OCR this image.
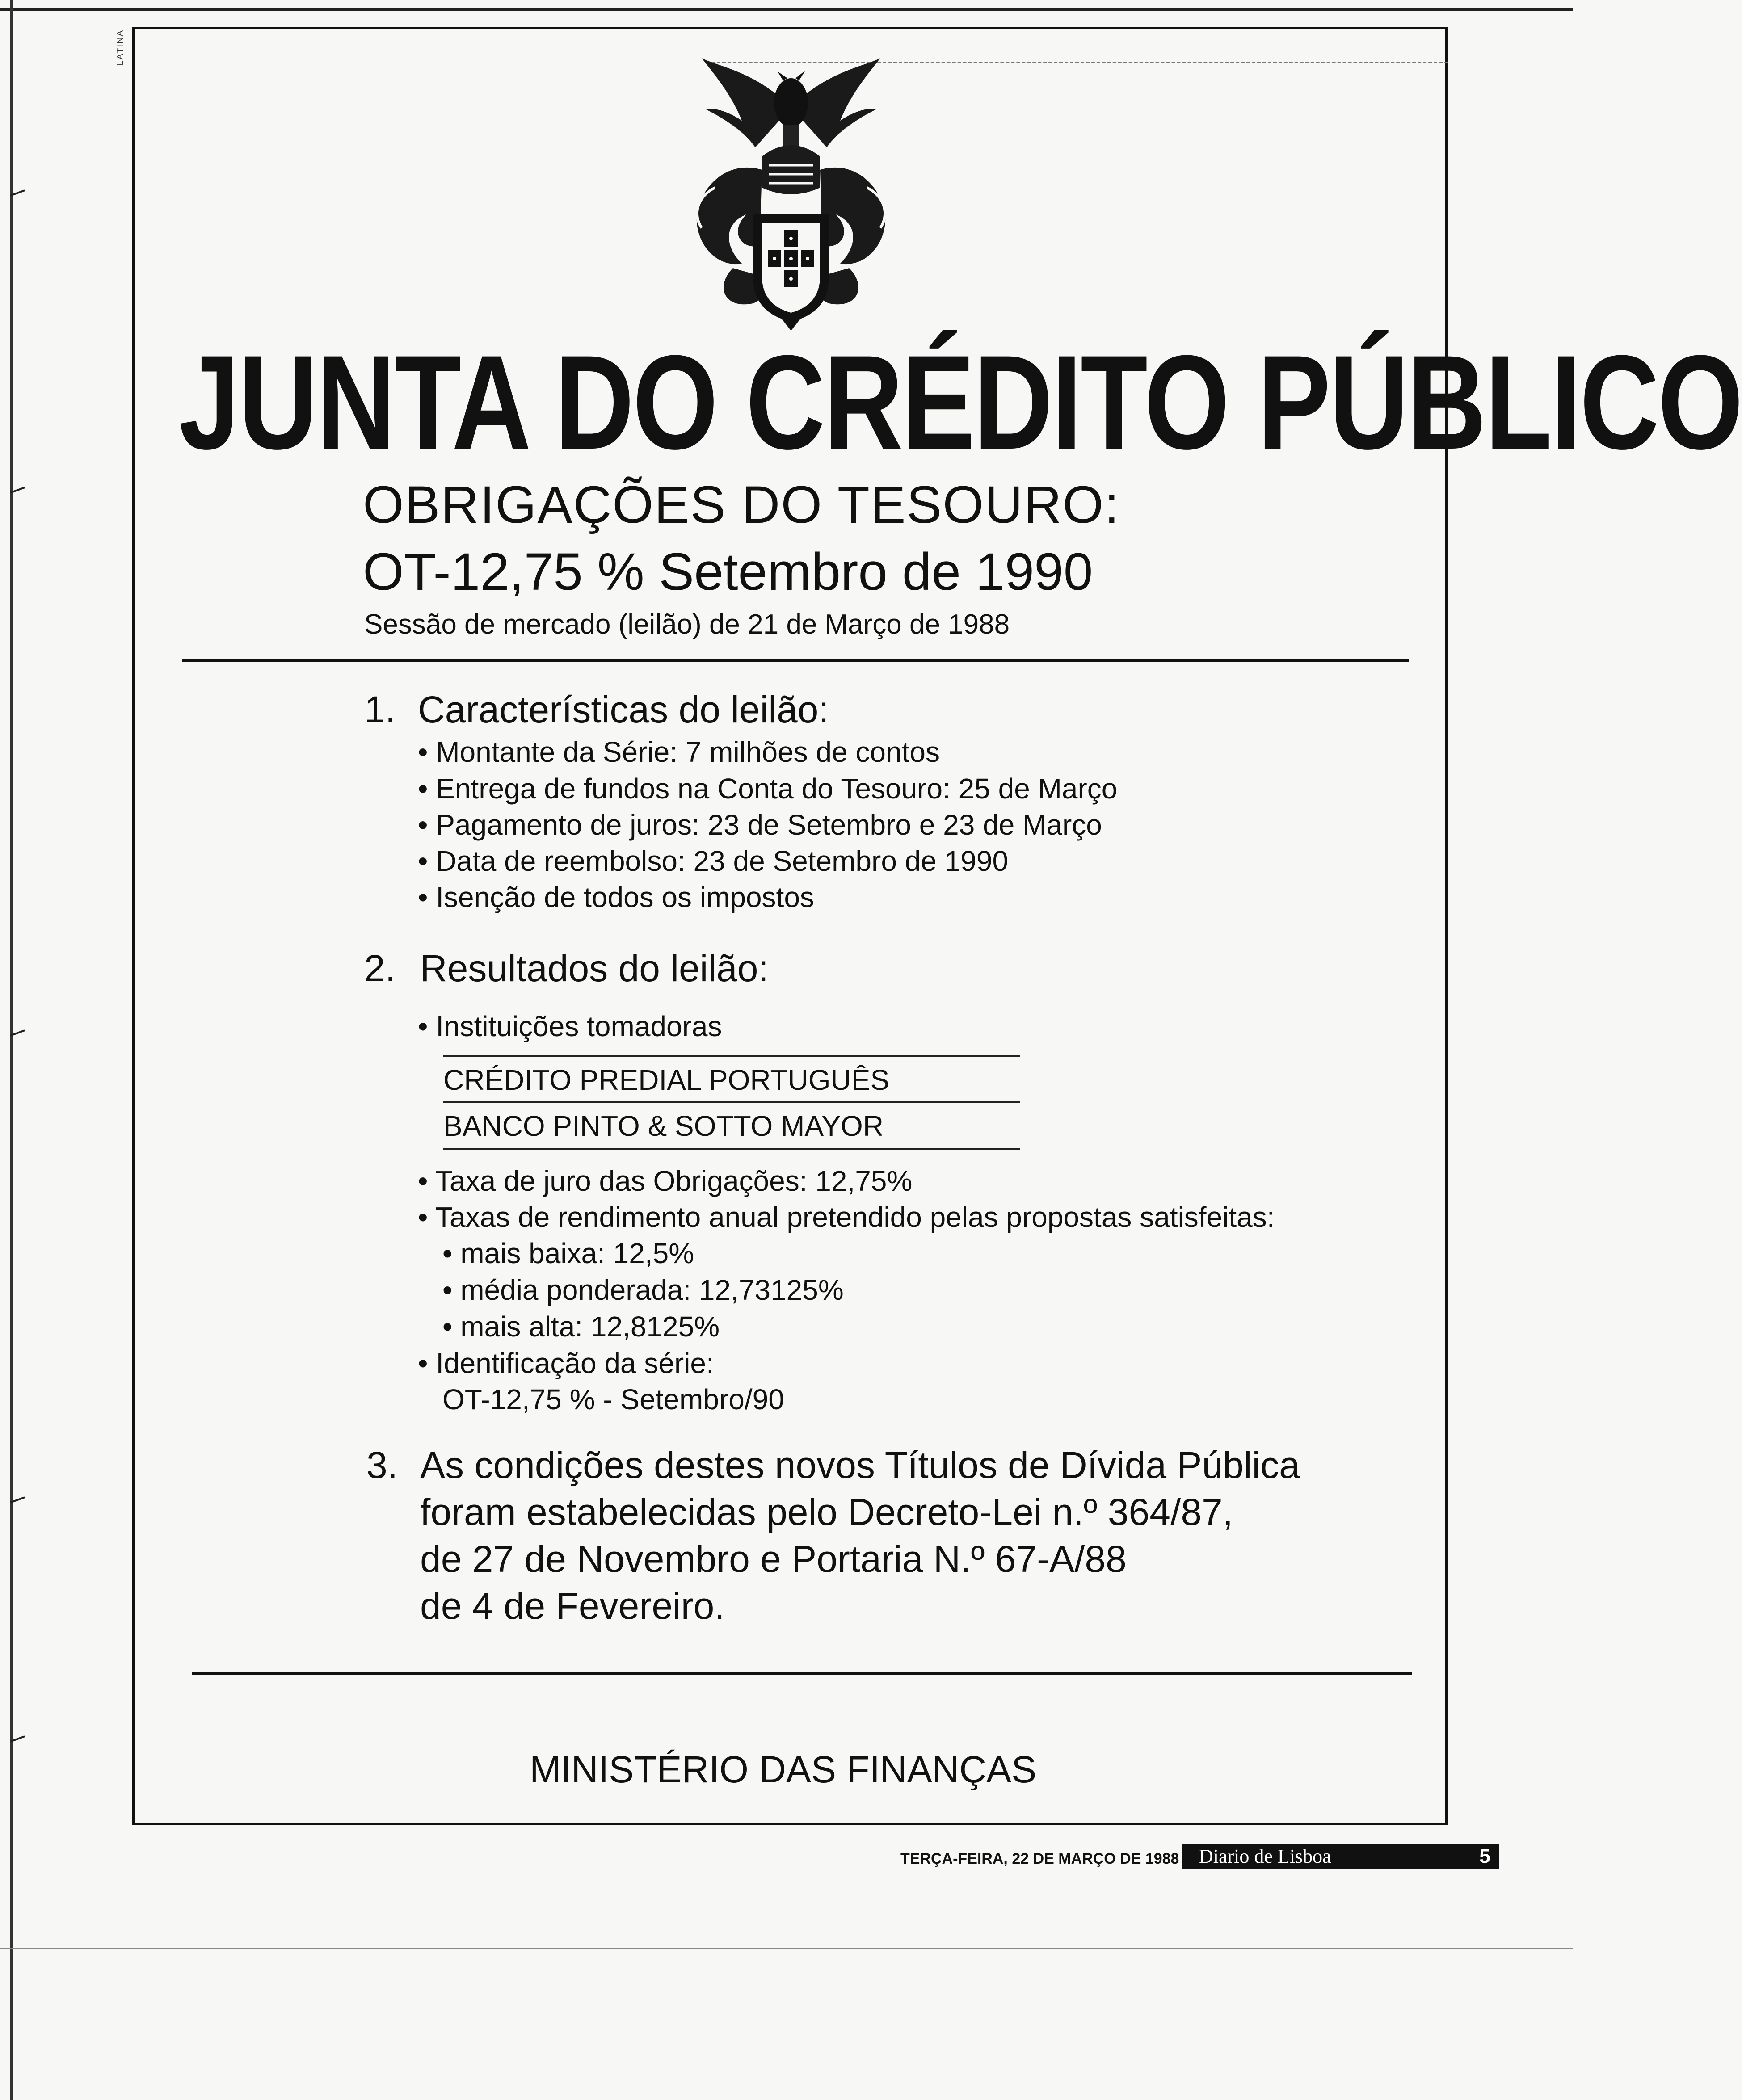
LATINA
JUNTA DO CRÉDITO PÚBLICO
OBRIGAÇÕES DO TESOURO:
OT-12,75 % Setembro de 1990
Sessão de mercado (leilão) de 21 de Março de 1988
1. Características do leilão:
• Montante da Série: 7 milhões de contos
• Entrega de fundos na Conta do Tesouro: 25 de Março
• Pagamento de juros: 23 de Setembro e 23 de Março
• Data de reembolso: 23 de Setembro de 1990
• Isenção de todos os impostos
2. Resultados do leilão:
• Instituições tomadoras
CRÉDITO PREDIAL PORTUGUÊS
BANCO PINTO & SOTTO MAYOR
• Taxa de juro das Obrigações: 12,75%
• Taxas de rendimento anual pretendido pelas propostas satisfeitas:
• mais baixa: 12,5%
• média ponderada: 12,73125%
• mais alta: 12,8125%
• Identificação da série:
OT-12,75 % - Setembro/90
3. As condições destes novos Títulos de Dívida Pública
foram estabelecidas pelo Decreto-Lei n.º 364/87,
de 27 de Novembro e Portaria N.º 67-A/88
de 4 de Fevereiro.
MINISTÉRIO DAS FINANÇAS
TERÇA-FEIRA, 22 DE MARÇO DE 1988	Diario de Lisboa	5
